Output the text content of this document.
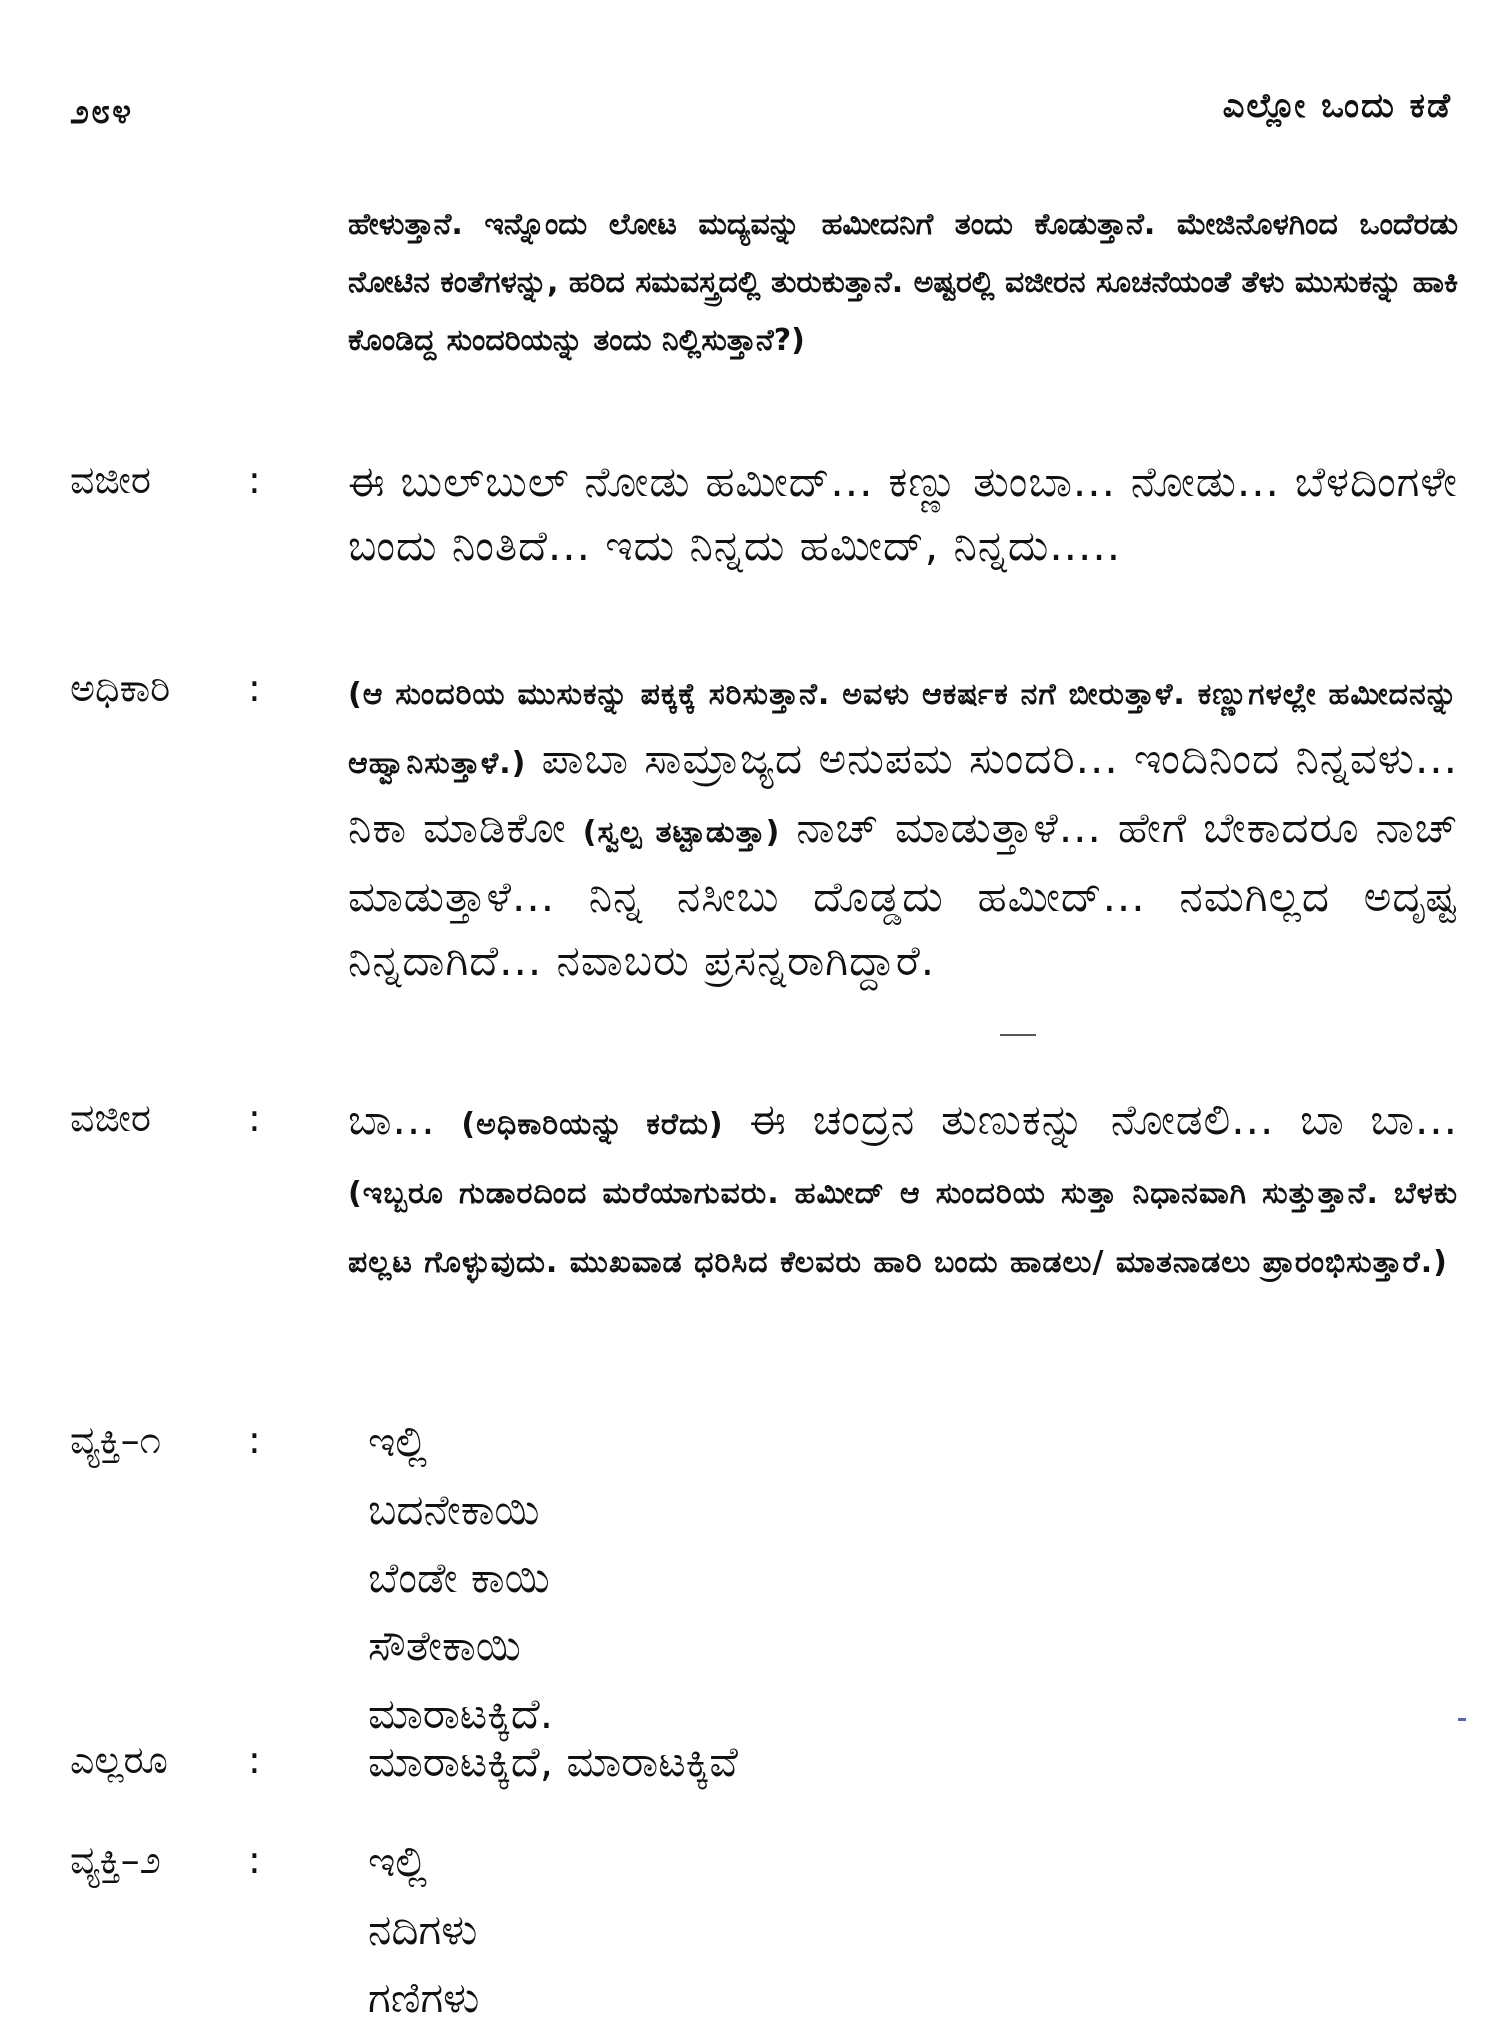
೨೮೪	ಎಲ್ಲೋ ಒಂದು ಕಡೆ
ಹೇಳುತ್ತಾನೆ. ಇನ್ನೊಂದು ಲೋಟ ಮದ್ಯವನ್ನು ಹಮೀದನಿಗೆ ತಂದು ಕೊಡುತ್ತಾನೆ. ಮೇಜಿನೊಳಗಿಂದ ಒಂದೆರಡು ನೋಟಿನ ಕಂತೆಗಳನ್ನು, ಹರಿದ ಸಮವಸ್ತ್ರದಲ್ಲಿ ತುರುಕುತ್ತಾನೆ. ಅಷ್ಟರಲ್ಲಿ ವಜೀರನ ಸೂಚನೆಯಂತೆ ತೆಳು ಮುಸುಕನ್ನು ಹಾಕಿ ಕೊಂಡಿದ್ದ ಸುಂದರಿಯನ್ನು ತಂದು ನಿಲ್ಲಿಸುತ್ತಾನೆ?)
ವಜೀರ	:	ಈ ಬುಲ್‌ಬುಲ್ ನೋಡು ಹಮೀದ್... ಕಣ್ಣು ತುಂಬಾ... ನೋಡು... ಬೆಳದಿಂಗಳೇ ಬಂದು ನಿಂತಿದೆ... ಇದು ನಿನ್ನದು ಹಮೀದ್, ನಿನ್ನದು.....
ಅಧಿಕಾರಿ :	(ಆ ಸುಂದರಿಯ ಮುಸುಕನ್ನು ಪಕ್ಕಕ್ಕೆ ಸರಿಸುತ್ತಾನೆ. ಅವಳು ಆಕರ್ಷಕ ನಗೆ ಬೀರುತ್ತಾಳೆ. ಕಣ್ಣುಗಳಲ್ಲೇ ಹಮೀದನನ್ನು ಆಹ್ವಾನಿಸುತ್ತಾಳೆ.) ಪಾಬಾ ಸಾಮ್ರಾಜ್ಯದ ಅನುಪಮ ಸುಂದರಿ... ಇಂದಿನಿಂದ ನಿನ್ನವಳು... ನಿಕಾ ಮಾಡಿಕೋ (ಸ್ವಲ್ಪ ತಟ್ಟಾಡುತ್ತಾ) ನಾಚ್ ಮಾಡುತ್ತಾಳೆ... ಹೇಗೆ ಬೇಕಾದರೂ ನಾಚ್ ಮಾಡುತ್ತಾಳೆ... ನಿನ್ನ ನಸೀಬು ದೊಡ್ಡದು ಹಮೀದ್... ನಮಗಿಲ್ಲದ ಅದೃಷ್ಟ ನಿನ್ನದಾಗಿದೆ... ನವಾಬರು ಪ್ರಸನ್ನರಾಗಿದ್ದಾರೆ.
ವಜೀರ	:	ಬಾ... (ಅಧಿಕಾರಿಯನ್ನು ಕರೆದು) ಈ ಚಂದ್ರನ ತುಣುಕನ್ನು ನೋಡಲಿ... ಬಾ ಬಾ... (ಇಬ್ಬರೂ ಗುಡಾರದಿಂದ ಮರೆಯಾಗುವರು. ಹಮೀದ್ ಆ ಸುಂದರಿಯ ಸುತ್ತಾ ನಿಧಾನವಾಗಿ ಸುತ್ತುತ್ತಾನೆ. ಬೆಳಕು ಪಲ್ಲಟ ಗೊಳ್ಳುವುದು. ಮುಖವಾಡ ಧರಿಸಿದ ಕೆಲವರು ಹಾರಿ ಬಂದು ಹಾಡಲು/ ಮಾತನಾಡಲು ಪ್ರಾರಂಭಿಸುತ್ತಾರೆ.)
ವ್ಯಕ್ತಿ–೧ :	ಇಲ್ಲಿ
ಬದನೇಕಾಯಿ
ಬೆಂಡೇ ಕಾಯಿ
ಸೌತೇಕಾಯಿ
ಮಾರಾಟಕ್ಕಿದೆ.
ಎಲ್ಲರೂ :	ಮಾರಾಟಕ್ಕಿದೆ, ಮಾರಾಟಕ್ಕಿವೆ
ವ್ಯಕ್ತಿ–೨ :	ಇಲ್ಲಿ
ನದಿಗಳು
ಗಣಿಗಳು
